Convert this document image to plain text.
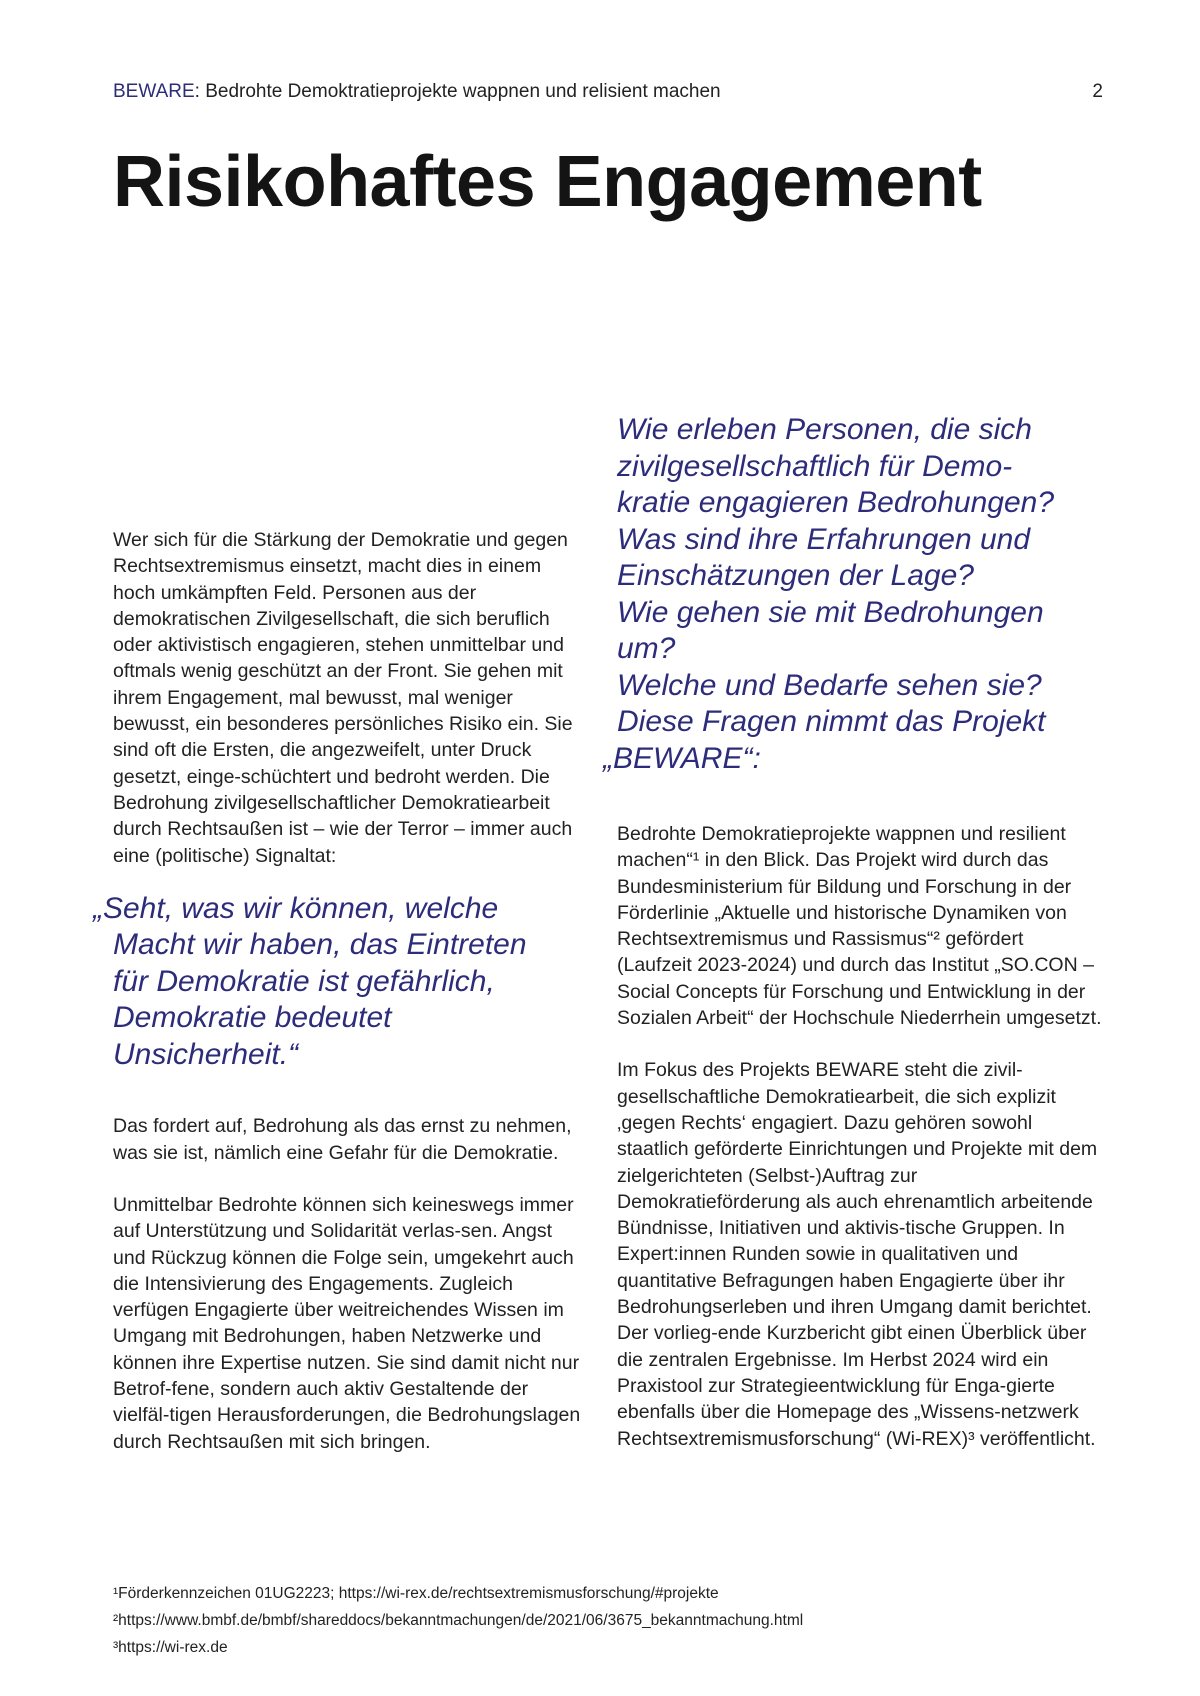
BEWARE: Bedrohte Demoktratieprojekte wappnen und relisient machen	2
Risikohaftes Engagement

Wer sich für die Stärkung der Demokratie und gegen Rechtsextremismus einsetzt, macht dies in einem hoch umkämpften Feld. Personen aus der demokratischen Zivilgesellschaft, die sich beruflich oder aktivistisch engagieren, stehen unmittelbar und oftmals wenig geschützt an der Front. Sie gehen mit ihrem Engagement, mal bewusst, mal weniger bewusst, ein besonderes persönliches Risiko ein. Sie sind oft die Ersten, die angezweifelt, unter Druck gesetzt, einge-schüchtert und bedroht werden. Die Bedrohung zivilgesellschaftlicher Demokratiearbeit durch Rechtsaußen ist – wie der Terror – immer auch eine (politische) Signaltat:

„Seht, was wir können, welche
Macht wir haben, das Eintreten
für Demokratie ist gefährlich,
Demokratie bedeutet
Unsicherheit.“

Das fordert auf, Bedrohung als das ernst zu nehmen, was sie ist, nämlich eine Gefahr für die Demokratie.

Unmittelbar Bedrohte können sich keineswegs immer auf Unterstützung und Solidarität verlas-sen. Angst und Rückzug können die Folge sein, umgekehrt auch die Intensivierung des Engagements. Zugleich verfügen Engagierte über weitreichendes Wissen im Umgang mit Bedrohungen, haben Netzwerke und können ihre Expertise nutzen. Sie sind damit nicht nur Betrof-fene, sondern auch aktiv Gestaltende der vielfäl-tigen Herausforderungen, die Bedrohungslagen durch Rechtsaußen mit sich bringen.

Wie erleben Personen, die sich
zivilgesellschaftlich für Demo-
kratie engagieren Bedrohungen?
Was sind ihre Erfahrungen und
Einschätzungen der Lage?
Wie gehen sie mit Bedrohungen
um?
Welche und Bedarfe sehen sie?
Diese Fragen nimmt das Projekt
„BEWARE“:

Bedrohte Demokratieprojekte wappnen und resilient machen“¹ in den Blick. Das Projekt wird durch das Bundesministerium für Bildung und Forschung in der Förderlinie „Aktuelle und historische Dynamiken von Rechtsextremismus und Rassismus“² gefördert (Laufzeit 2023-2024) und durch das Institut „SO.CON – Social Concepts für Forschung und Entwicklung in der Sozialen Arbeit“ der Hochschule Niederrhein umgesetzt.

Im Fokus des Projekts BEWARE steht die zivil-gesellschaftliche Demokratiearbeit, die sich explizit ‚gegen Rechts‘ engagiert. Dazu gehören sowohl staatlich geförderte Einrichtungen und Projekte mit dem zielgerichteten (Selbst-)Auftrag zur Demokratieförderung als auch ehrenamtlich arbeitende Bündnisse, Initiativen und aktivis-tische Gruppen. In Expert:innen Runden sowie in qualitativen und quantitative Befragungen haben Engagierte über ihr Bedrohungserleben und ihren Umgang damit berichtet. Der vorlieg-ende Kurzbericht gibt einen Überblick über die zentralen Ergebnisse. Im Herbst 2024 wird ein Praxistool zur Strategieentwicklung für Enga-gierte ebenfalls über die Homepage des „Wissens-netzwerk Rechtsextremismusforschung“ (Wi-REX)³ veröffentlicht.

¹Förderkennzeichen 01UG2223; https://wi-rex.de/rechtsextremismusforschung/#projekte
²https://www.bmbf.de/bmbf/shareddocs/bekanntmachungen/de/2021/06/3675_bekanntmachung.html
³https://wi-rex.de
